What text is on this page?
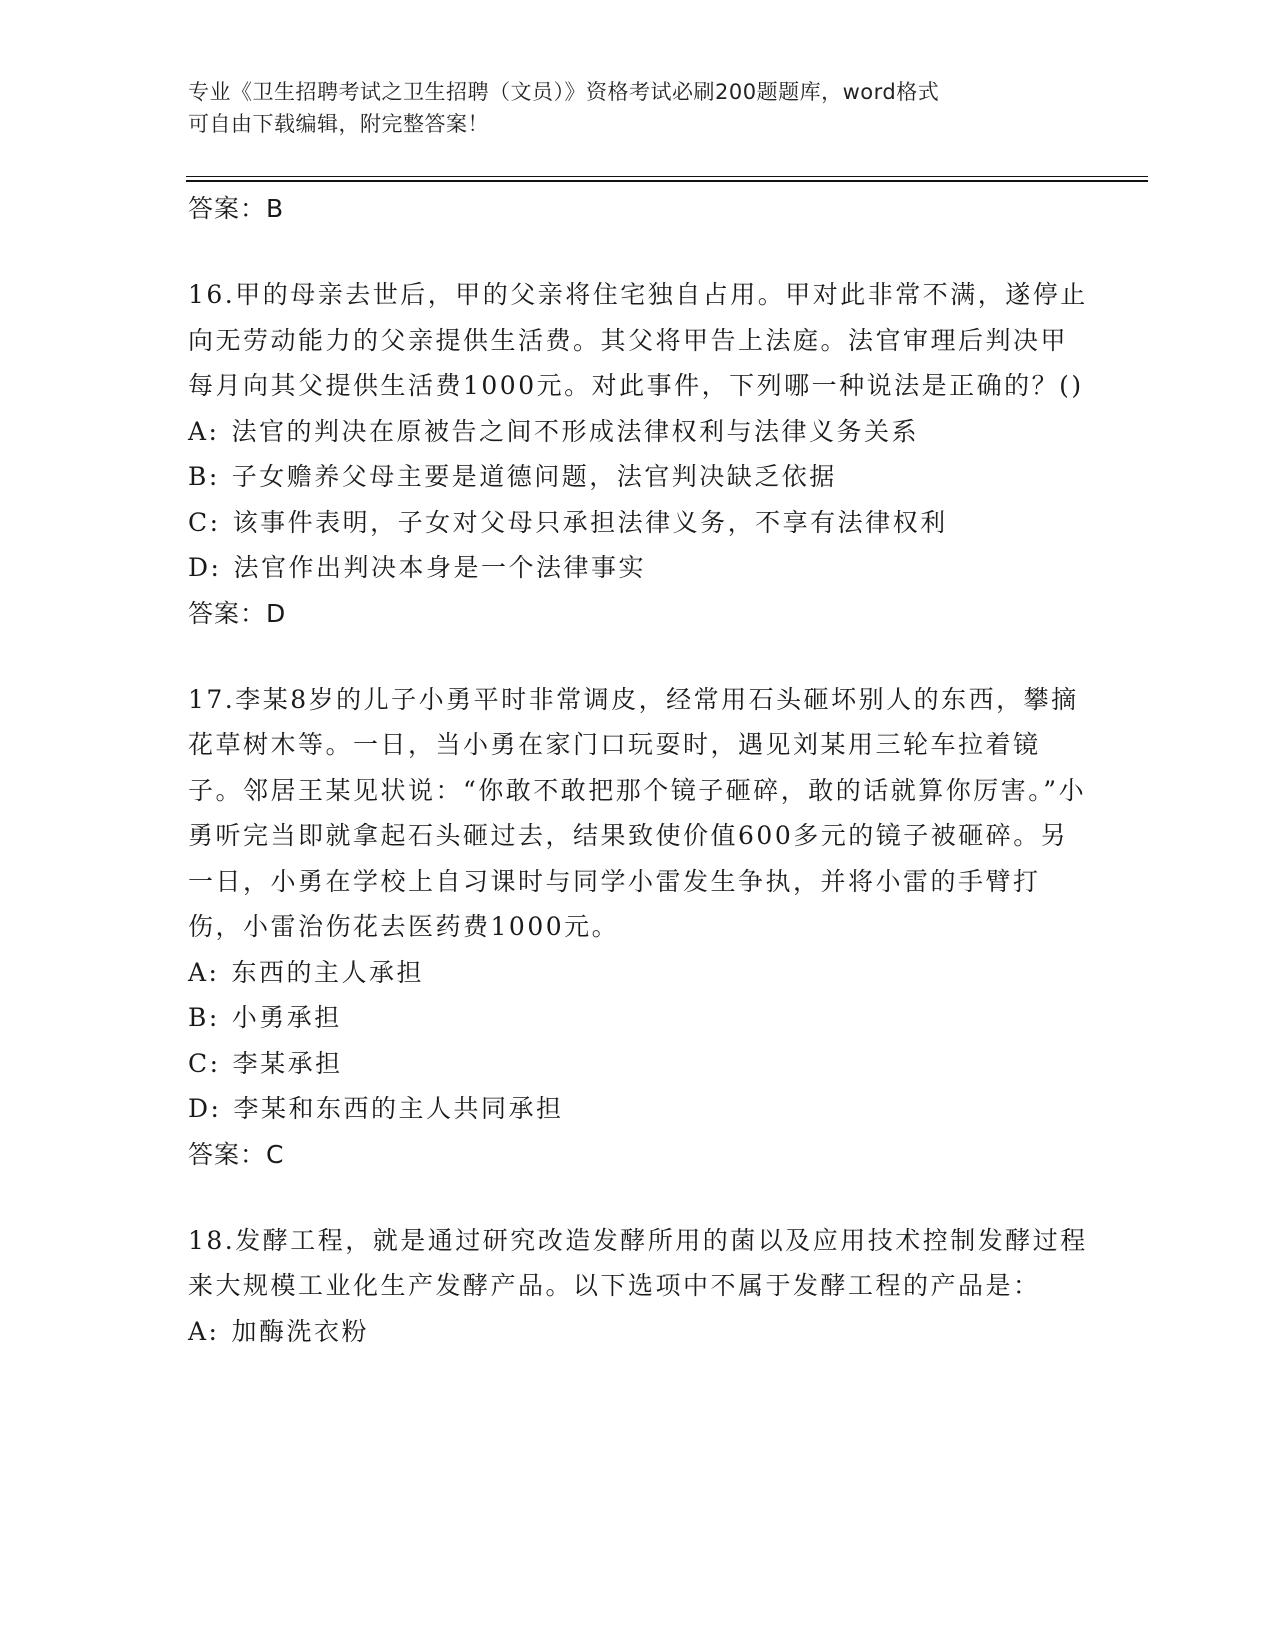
专业《卫生招聘考试之卫生招聘（文员）》资格考试必刷200题题库，word格式
可自由下载编辑，附完整答案！

答案：B

16.甲的母亲去世后，甲的父亲将住宅独自占用。甲对此非常不满，遂停止向无劳动能力的父亲提供生活费。其父将甲告上法庭。法官审理后判决甲每月向其父提供生活费1000元。对此事件，下列哪一种说法是正确的？()

A: 法官的判决在原被告之间不形成法律权利与法律义务关系

B: 子女赡养父母主要是道德问题，法官判决缺乏依据

C: 该事件表明，子女对父母只承担法律义务，不享有法律权利

D: 法官作出判决本身是一个法律事实

答案：D

17.李某8岁的儿子小勇平时非常调皮，经常用石头砸坏别人的东西，攀摘花草树木等。一日，当小勇在家门口玩耍时，遇见刘某用三轮车拉着镜子。邻居王某见状说：“你敢不敢把那个镜子砸碎，敢的话就算你厉害。”小勇听完当即就拿起石头砸过去，结果致使价值600多元的镜子被砸碎。另一日，小勇在学校上自习课时与同学小雷发生争执，并将小雷的手臂打伤，小雷治伤花去医药费1000元。

A: 东西的主人承担

B: 小勇承担

C: 李某承担

D: 李某和东西的主人共同承担

答案：C

18.发酵工程，就是通过研究改造发酵所用的菌以及应用技术控制发酵过程来大规模工业化生产发酵产品。以下选项中不属于发酵工程的产品是：

A: 加酶洗衣粉
